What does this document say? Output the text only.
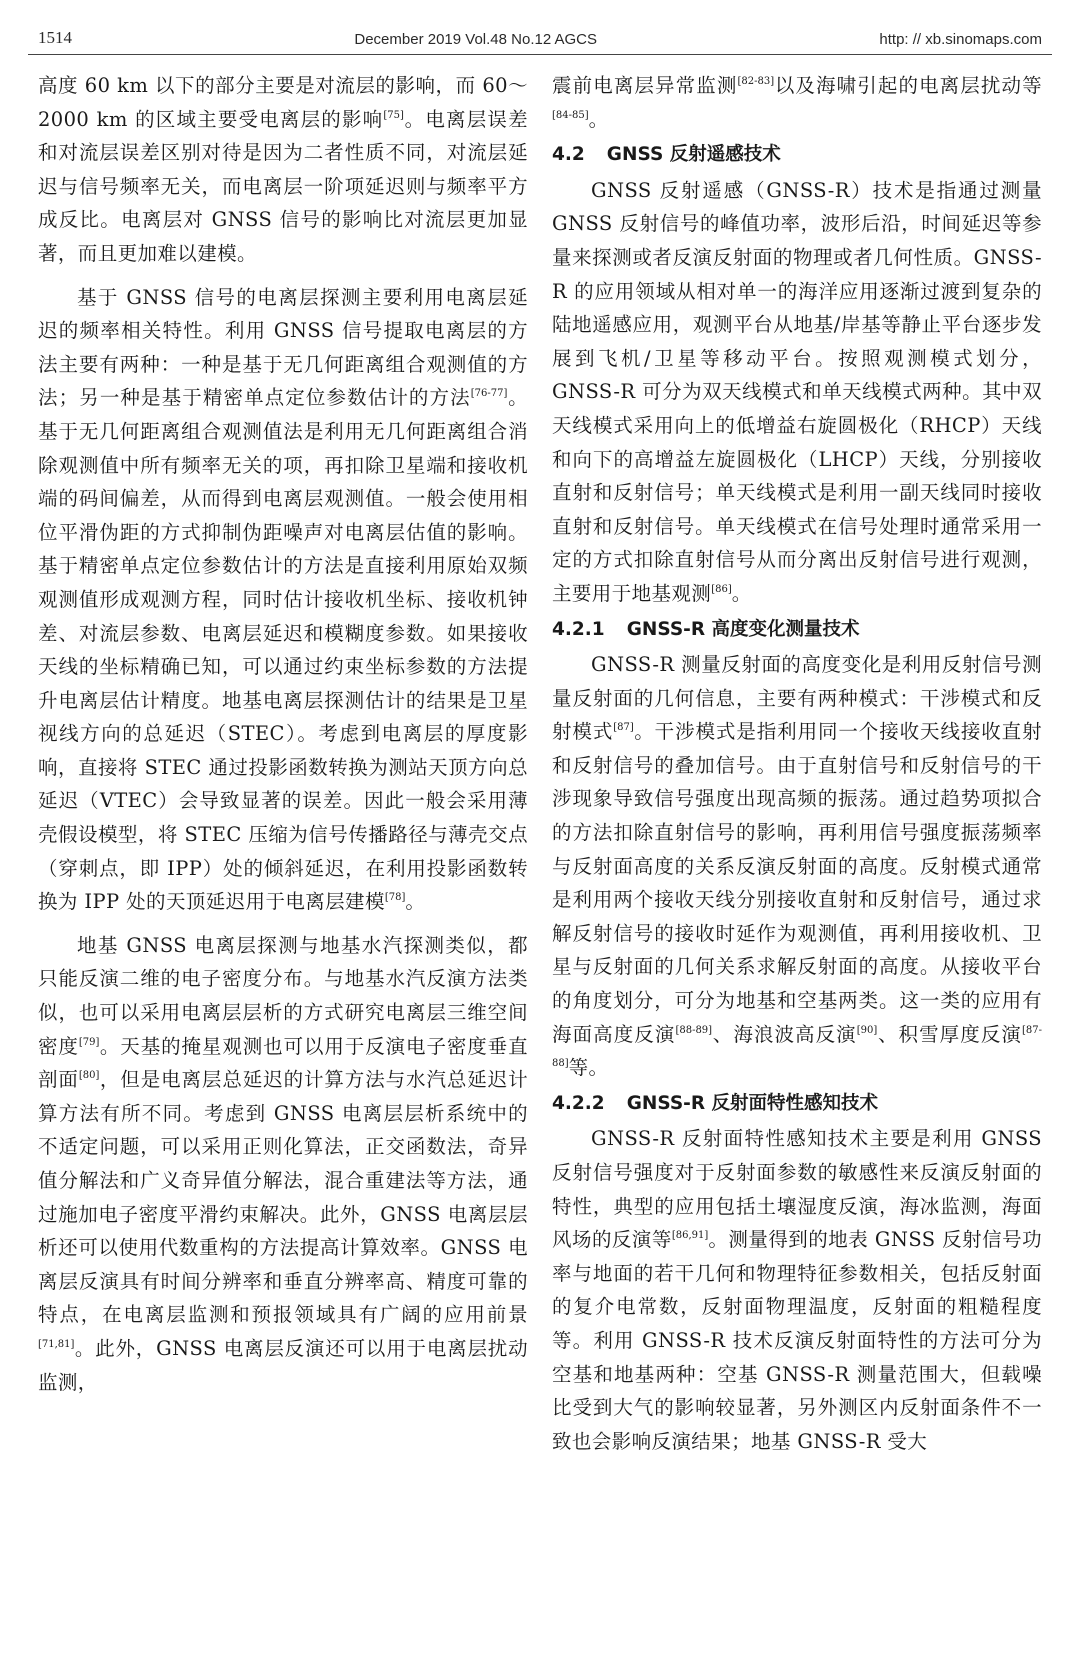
1514	December 2019 Vol.48 No.12 AGCS	http: // xb.sinomaps.com

高度 60 km 以下的部分主要是对流层的影响，而 60～2000 km 的区域主要受电离层的影响[75]。电离层误差和对流层误差区别对待是因为二者性质不同，对流层延迟与信号频率无关，而电离层一阶项延迟则与频率平方成反比。电离层对 GNSS 信号的影响比对流层更加显著，而且更加难以建模。

基于 GNSS 信号的电离层探测主要利用电离层延迟的频率相关特性。利用 GNSS 信号提取电离层的方法主要有两种：一种是基于无几何距离组合观测值的方法；另一种是基于精密单点定位参数估计的方法[76-77]。基于无几何距离组合观测值法是利用无几何距离组合消除观测值中所有频率无关的项，再扣除卫星端和接收机端的码间偏差，从而得到电离层观测值。一般会使用相位平滑伪距的方式抑制伪距噪声对电离层估值的影响。基于精密单点定位参数估计的方法是直接利用原始双频观测值形成观测方程，同时估计接收机坐标、接收机钟差、对流层参数、电离层延迟和模糊度参数。如果接收天线的坐标精确已知，可以通过约束坐标参数的方法提升电离层估计精度。地基电离层探测估计的结果是卫星视线方向的总延迟（STEC）。考虑到电离层的厚度影响，直接将 STEC 通过投影函数转换为测站天顶方向总延迟（VTEC）会导致显著的误差。因此一般会采用薄壳假设模型，将 STEC 压缩为信号传播路径与薄壳交点（穿刺点，即 IPP）处的倾斜延迟，在利用投影函数转换为 IPP 处的天顶延迟用于电离层建模[78]。

地基 GNSS 电离层探测与地基水汽探测类似，都只能反演二维的电子密度分布。与地基水汽反演方法类似，也可以采用电离层层析的方式研究电离层三维空间密度[79]。天基的掩星观测也可以用于反演电子密度垂直剖面[80]，但是电离层总延迟的计算方法与水汽总延迟计算方法有所不同。考虑到 GNSS 电离层层析系统中的不适定问题，可以采用正则化算法，正交函数法，奇异值分解法和广义奇异值分解法，混合重建法等方法，通过施加电子密度平滑约束解决。此外，GNSS 电离层层析还可以使用代数重构的方法提高计算效率。GNSS 电离层反演具有时间分辨率和垂直分辨率高、精度可靠的特点，在电离层监测和预报领域具有广阔的应用前景[71,81]。此外，GNSS 电离层反演还可以用于电离层扰动监测，

震前电离层异常监测[82-83]以及海啸引起的电离层扰动等[84-85]。

4.2 GNSS 反射遥感技术

GNSS 反射遥感（GNSS-R）技术是指通过测量 GNSS 反射信号的峰值功率，波形后沿，时间延迟等参量来探测或者反演反射面的物理或者几何性质。GNSS-R 的应用领域从相对单一的海洋应用逐渐过渡到复杂的陆地遥感应用，观测平台从地基/岸基等静止平台逐步发展到飞机/卫星等移动平台。按照观测模式划分，GNSS-R 可分为双天线模式和单天线模式两种。其中双天线模式采用向上的低增益右旋圆极化（RHCP）天线和向下的高增益左旋圆极化（LHCP）天线，分别接收直射和反射信号；单天线模式是利用一副天线同时接收直射和反射信号。单天线模式在信号处理时通常采用一定的方式扣除直射信号从而分离出反射信号进行观测，主要用于地基观测[86]。

4.2.1 GNSS-R 高度变化测量技术

GNSS-R 测量反射面的高度变化是利用反射信号测量反射面的几何信息，主要有两种模式：干涉模式和反射模式[87]。干涉模式是指利用同一个接收天线接收直射和反射信号的叠加信号。由于直射信号和反射信号的干涉现象导致信号强度出现高频的振荡。通过趋势项拟合的方法扣除直射信号的影响，再利用信号强度振荡频率与反射面高度的关系反演反射面的高度。反射模式通常是利用两个接收天线分别接收直射和反射信号，通过求解反射信号的接收时延作为观测值，再利用接收机、卫星与反射面的几何关系求解反射面的高度。从接收平台的角度划分，可分为地基和空基两类。这一类的应用有海面高度反演[88-89]、海浪波高反演[90]、积雪厚度反演[87-88]等。

4.2.2 GNSS-R 反射面特性感知技术

GNSS-R 反射面特性感知技术主要是利用 GNSS 反射信号强度对于反射面参数的敏感性来反演反射面的特性，典型的应用包括土壤湿度反演，海冰监测，海面风场的反演等[86,91]。测量得到的地表 GNSS 反射信号功率与地面的若干几何和物理特征参数相关，包括反射面的复介电常数，反射面物理温度，反射面的粗糙程度等。利用 GNSS-R 技术反演反射面特性的方法可分为空基和地基两种：空基 GNSS-R 测量范围大，但载噪比受到大气的影响较显著，另外测区内反射面条件不一致也会影响反演结果；地基 GNSS-R 受大
